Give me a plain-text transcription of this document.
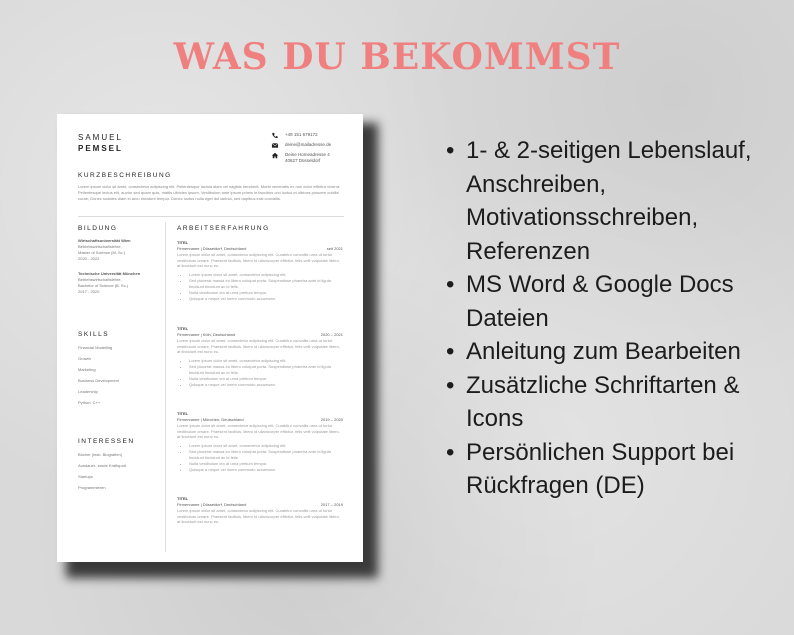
WAS DU BEKOMMST
SAMUEL
PEMSEL
+49 151 679172
deine@mailadresse.de
Deine Homeadresse 4
40627 Düsseldorf
KURZBESCHREIBUNG
Lorem ipsum dolor sit amet, consectetur adipiscing elit. Pellentesque lacinia diam vel sagittis hendrerit. Morbi venenatis ex non dolor efficitur viverra. Pellentesque lectus elit, auctor sed quam quis, mattis ultricies ipsum. Vestibulum ante ipsum primis in faucibus orci luctus et ultrices posuere cubilia curae; Donec sodales diam in arcu tincidunt tempor. Donec luctus nulla eget dui lacinia, sed dapibus erat convallis.
BILDUNG
Wirtschaftsuniversität Wien
Betriebswirtschaftslehre,
Master of Science (M. Sc.)
2020 - 2022
Technische Universität München
Betriebswirtschaftslehre,
Bachelor of Science (B. Sc.)
2017 - 2020
SKILLS
Financial Modelling
Growth
Marketing
Business Development
Leadership
Python, C++
INTERESSEN
Bücher (insb. Biografien)
Ausdauer- sowie Kraftsport
Startups
Programmieren
ARBEITSERFAHRUNG
TITEL
Firmenname | Düsseldorf, Deutschland	seit 2021
Lorem ipsum dolor sit amet, consectetur adipiscing elit. Curabitur convallis urna ut tortor vestibulum ornare. Praesent facilisis, libero id ullamcorper efficitur, felis velit vulputate libero, at tincidunt est nunc eu.
• Lorem ipsum dolor sit amet, consectetur adipiscing elit.
• Sed placerat massa eu libero volutpat porta. Suspendisse pharetra ante id ligula tincidunt tincidunt ac id felis.
• Nulla vestibulum leo at urna pretium tempor.
• Quisque a neque vel lorem commodo accumsan.
TITEL
Firmenname | Köln, Deutschland	2020 – 2021
Lorem ipsum dolor sit amet, consectetur adipiscing elit. Curabitur convallis urna ut tortor vestibulum ornare. Praesent facilisis, libero id ullamcorper efficitur, felis velit vulputate libero, at tincidunt est nunc eu.
• Lorem ipsum dolor sit amet, consectetur adipiscing elit.
• Sed placerat massa eu libero volutpat porta. Suspendisse pharetra ante id ligula tincidunt tincidunt ac id felis.
• Nulla vestibulum leo at urna pretium tempor.
• Quisque a neque vel lorem commodo accumsan.
TITEL
Firmenname | München, Deutschland	2019 – 2020
Lorem ipsum dolor sit amet, consectetur adipiscing elit. Curabitur convallis urna ut tortor vestibulum ornare. Praesent facilisis, libero id ullamcorper efficitur, felis velit vulputate libero, at tincidunt est nunc eu.
• Lorem ipsum dolor sit amet, consectetur adipiscing elit.
• Sed placerat massa eu libero volutpat porta. Suspendisse pharetra ante id ligula tincidunt tincidunt ac id felis.
• Nulla vestibulum leo at urna pretium tempor.
• Quisque a neque vel lorem commodo accumsan.
TITEL
Firmenname | Düsseldorf, Deutschland	2017 – 2019
Lorem ipsum dolor sit amet, consectetur adipiscing elit. Curabitur convallis urna ut tortor vestibulum ornare. Praesent facilisis, libero id ullamcorper efficitur, felis velit vulputate libero, at tincidunt est nunc eu.
• 1- & 2-seitigen Lebenslauf, Anschreiben, Motivationsschreiben, Referenzen
• MS Word & Google Docs Dateien
• Anleitung zum Bearbeiten
• Zusätzliche Schriftarten & Icons
• Persönlichen Support bei Rückfragen (DE)
